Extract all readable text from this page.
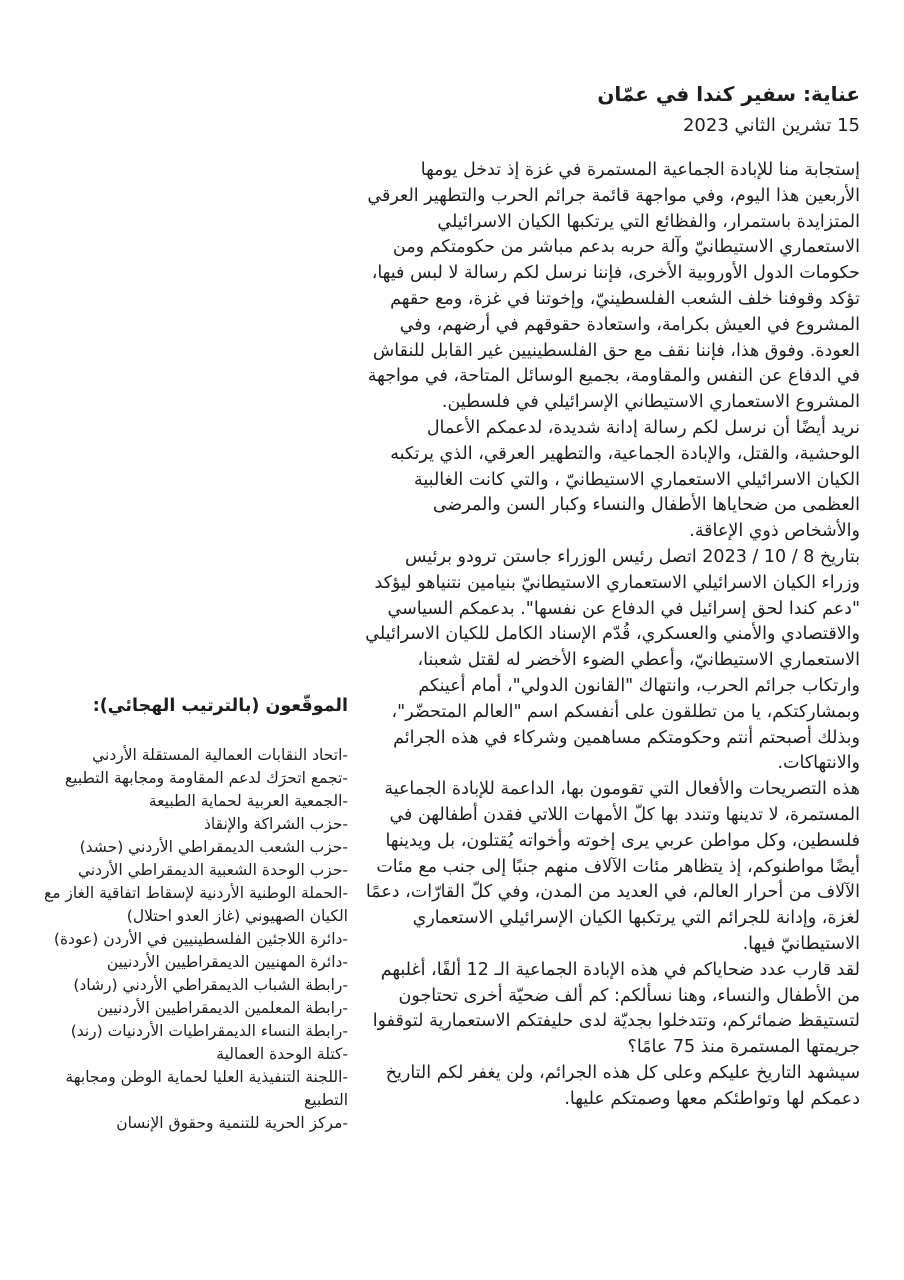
عناية: سفير كندا في عمّان
15 تشرين الثاني 2023

إستجابة منا للإبادة الجماعية المستمرة في غزة إذ تدخل يومها الأربعين هذا اليوم، وفي مواجهة قائمة جرائم الحرب والتطهير العرقي المتزايدة باستمرار، والفظائع التي يرتكبها الكيان الاسرائيلي الاستعماري الاستيطانيّ وآلة حربه بدعم مباشر من حكومتكم ومن حكومات الدول الأوروبية الأخرى، فإننا نرسل لكم رسالة لا لبس فيها، تؤكد وقوفنا خلف الشعب الفلسطينيّ، وإخوتنا في غزة، ومع حقهم المشروع في العيش بكرامة، واستعادة حقوقهم في أرضهم، وفي العودة. وفوق هذا، فإننا نقف مع حق الفلسطينيين غير القابل للنقاش في الدفاع عن النفس والمقاومة، بجميع الوسائل المتاحة، في مواجهة المشروع الاستعماري الاستيطاني الإسرائيلي في فلسطين.

نريد أيضًا أن نرسل لكم رسالة إدانة شديدة، لدعمكم الأعمال الوحشية، والقتل، والإبادة الجماعية، والتطهير العرقي، الذي يرتكبه الكيان الاسرائيلي الاستعماري الاستيطانيّ ، والتي كانت الغالبية العظمى من ضحاياها الأطفال والنساء وكبار السن والمرضى والأشخاص ذوي الإعاقة.

بتاريخ 8 / 10 / 2023 اتصل رئيس الوزراء جاستن ترودو برئيس وزراء الكيان الاسرائيلي الاستعماري الاستيطانيّ بنيامين نتنياهو ليؤكد "دعم كندا لحق إسرائيل في الدفاع عن نفسها". بدعمكم السياسي والاقتصادي والأمني والعسكري، قُدّم الإسناد الكامل للكيان الاسرائيلي الاستعماري الاستيطانيّ، وأعطي الضوء الأخضر له لقتل شعبنا، وارتكاب جرائم الحرب، وانتهاك "القانون الدولي"، أمام أعينكم وبمشاركتكم، يا من تطلقون على أنفسكم اسم "العالم المتحضّر"، وبذلك أصبحتم أنتم وحكومتكم مساهمين وشركاء في هذه الجرائم والانتهاكات.

هذه التصريحات والأفعال التي تقومون بها، الداعمة للإبادة الجماعية المستمرة، لا تدينها وتندد بها كلّ الأمهات اللاتي فقدن أطفالهن في فلسطين، وكل مواطن عربي يرى إخوته وأخواته يُقتلون، بل ويدينها أيضًا مواطنوكم، إذ يتظاهر مئات الآلاف منهم جنبًا إلى جنب مع مئات الآلاف من أحرار العالم، في العديد من المدن، وفي كلّ القارّات، دعمًا لغزة، وإدانة للجرائم التي يرتكبها الكيان الإسرائيلي الاستعماري الاستيطانيّ فيها.

لقد قارب عدد ضحاياكم في هذه الإبادة الجماعية الـ 12 ألفًا، أغلبهم من الأطفال والنساء، وهنا نسألكم: كم ألف ضحيّة أخرى تحتاجون لتستيقظ ضمائركم، وتتدخلوا بجديّة لدى حليفتكم الاستعمارية لتوقفوا جريمتها المستمرة منذ 75 عامًا؟

سيشهد التاريخ عليكم وعلى كل هذه الجرائم، ولن يغفر لكم التاريخ دعمكم لها وتواطئكم معها وصمتكم عليها.

الموقّعون (بالترتيب الهجائي):
-اتحاد النقابات العمالية المستقلة الأردني
-تجمع اتحرَك لدعم المقاومة ومجابهة التطبيع
-الجمعية العربية لحماية الطبيعة
-حزب الشراكة والإنقاذ
-حزب الشعب الديمقراطي الأردني (حشد)
-حزب الوحدة الشعبية الديمقراطي الأردني
-الحملة الوطنية الأردنية لإسقاط اتفاقية الغاز مع الكيان الصهيوني (غاز العدو احتلال)
-دائرة اللاجئين الفلسطينيين في الأردن (عودة)
-دائرة المهنيين الديمقراطيين الأردنيين
-رابطة الشباب الديمقراطي الأردني (رشاد)
-رابطة المعلمين الديمقراطيين الأردنيين
-رابطة النساء الديمقراطيات الأردنيات (رند)
-كتلة الوحدة العمالية
-اللجنة التنفيذية العليا لحماية الوطن ومجابهة التطبيع
-مركز الحرية للتنمية وحقوق الإنسان
